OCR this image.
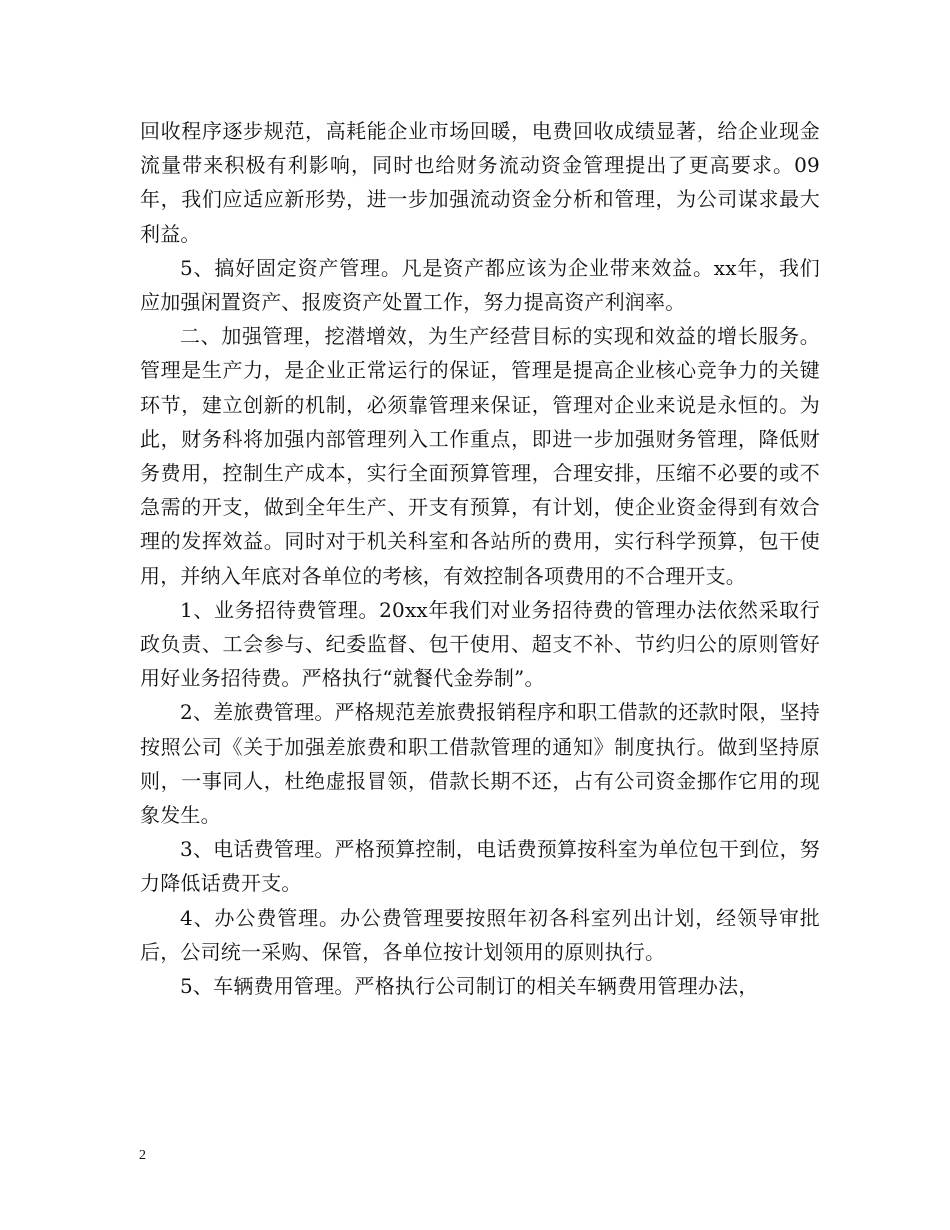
回收程序逐步规范，高耗能企业市场回暖，电费回收成绩显著，给企业现金流量带来积极有利影响，同时也给财务流动资金管理提出了更高要求。09年，我们应适应新形势，进一步加强流动资金分析和管理，为公司谋求最大利益。

5、搞好固定资产管理。凡是资产都应该为企业带来效益。xx年，我们应加强闲置资产、报废资产处置工作，努力提高资产利润率。

二、加强管理，挖潜增效，为生产经营目标的实现和效益的增长服务。管理是生产力，是企业正常运行的保证，管理是提高企业核心竞争力的关键环节，建立创新的机制，必须靠管理来保证，管理对企业来说是永恒的。为此，财务科将加强内部管理列入工作重点，即进一步加强财务管理，降低财务费用，控制生产成本，实行全面预算管理，合理安排，压缩不必要的或不急需的开支，做到全年生产、开支有预算，有计划，使企业资金得到有效合理的发挥效益。同时对于机关科室和各站所的费用，实行科学预算，包干使用，并纳入年底对各单位的考核，有效控制各项费用的不合理开支。

1、业务招待费管理。20xx年我们对业务招待费的管理办法依然采取行政负责、工会参与、纪委监督、包干使用、超支不补、节约归公的原则管好用好业务招待费。严格执行“就餐代金券制”。

2、差旅费管理。严格规范差旅费报销程序和职工借款的还款时限，坚持按照公司《关于加强差旅费和职工借款管理的通知》制度执行。做到坚持原则，一事同人，杜绝虚报冒领，借款长期不还，占有公司资金挪作它用的现象发生。

3、电话费管理。严格预算控制，电话费预算按科室为单位包干到位，努力降低话费开支。

4、办公费管理。办公费管理要按照年初各科室列出计划，经领导审批后，公司统一采购、保管，各单位按计划领用的原则执行。

5、车辆费用管理。严格执行公司制订的相关车辆费用管理办法，

2
